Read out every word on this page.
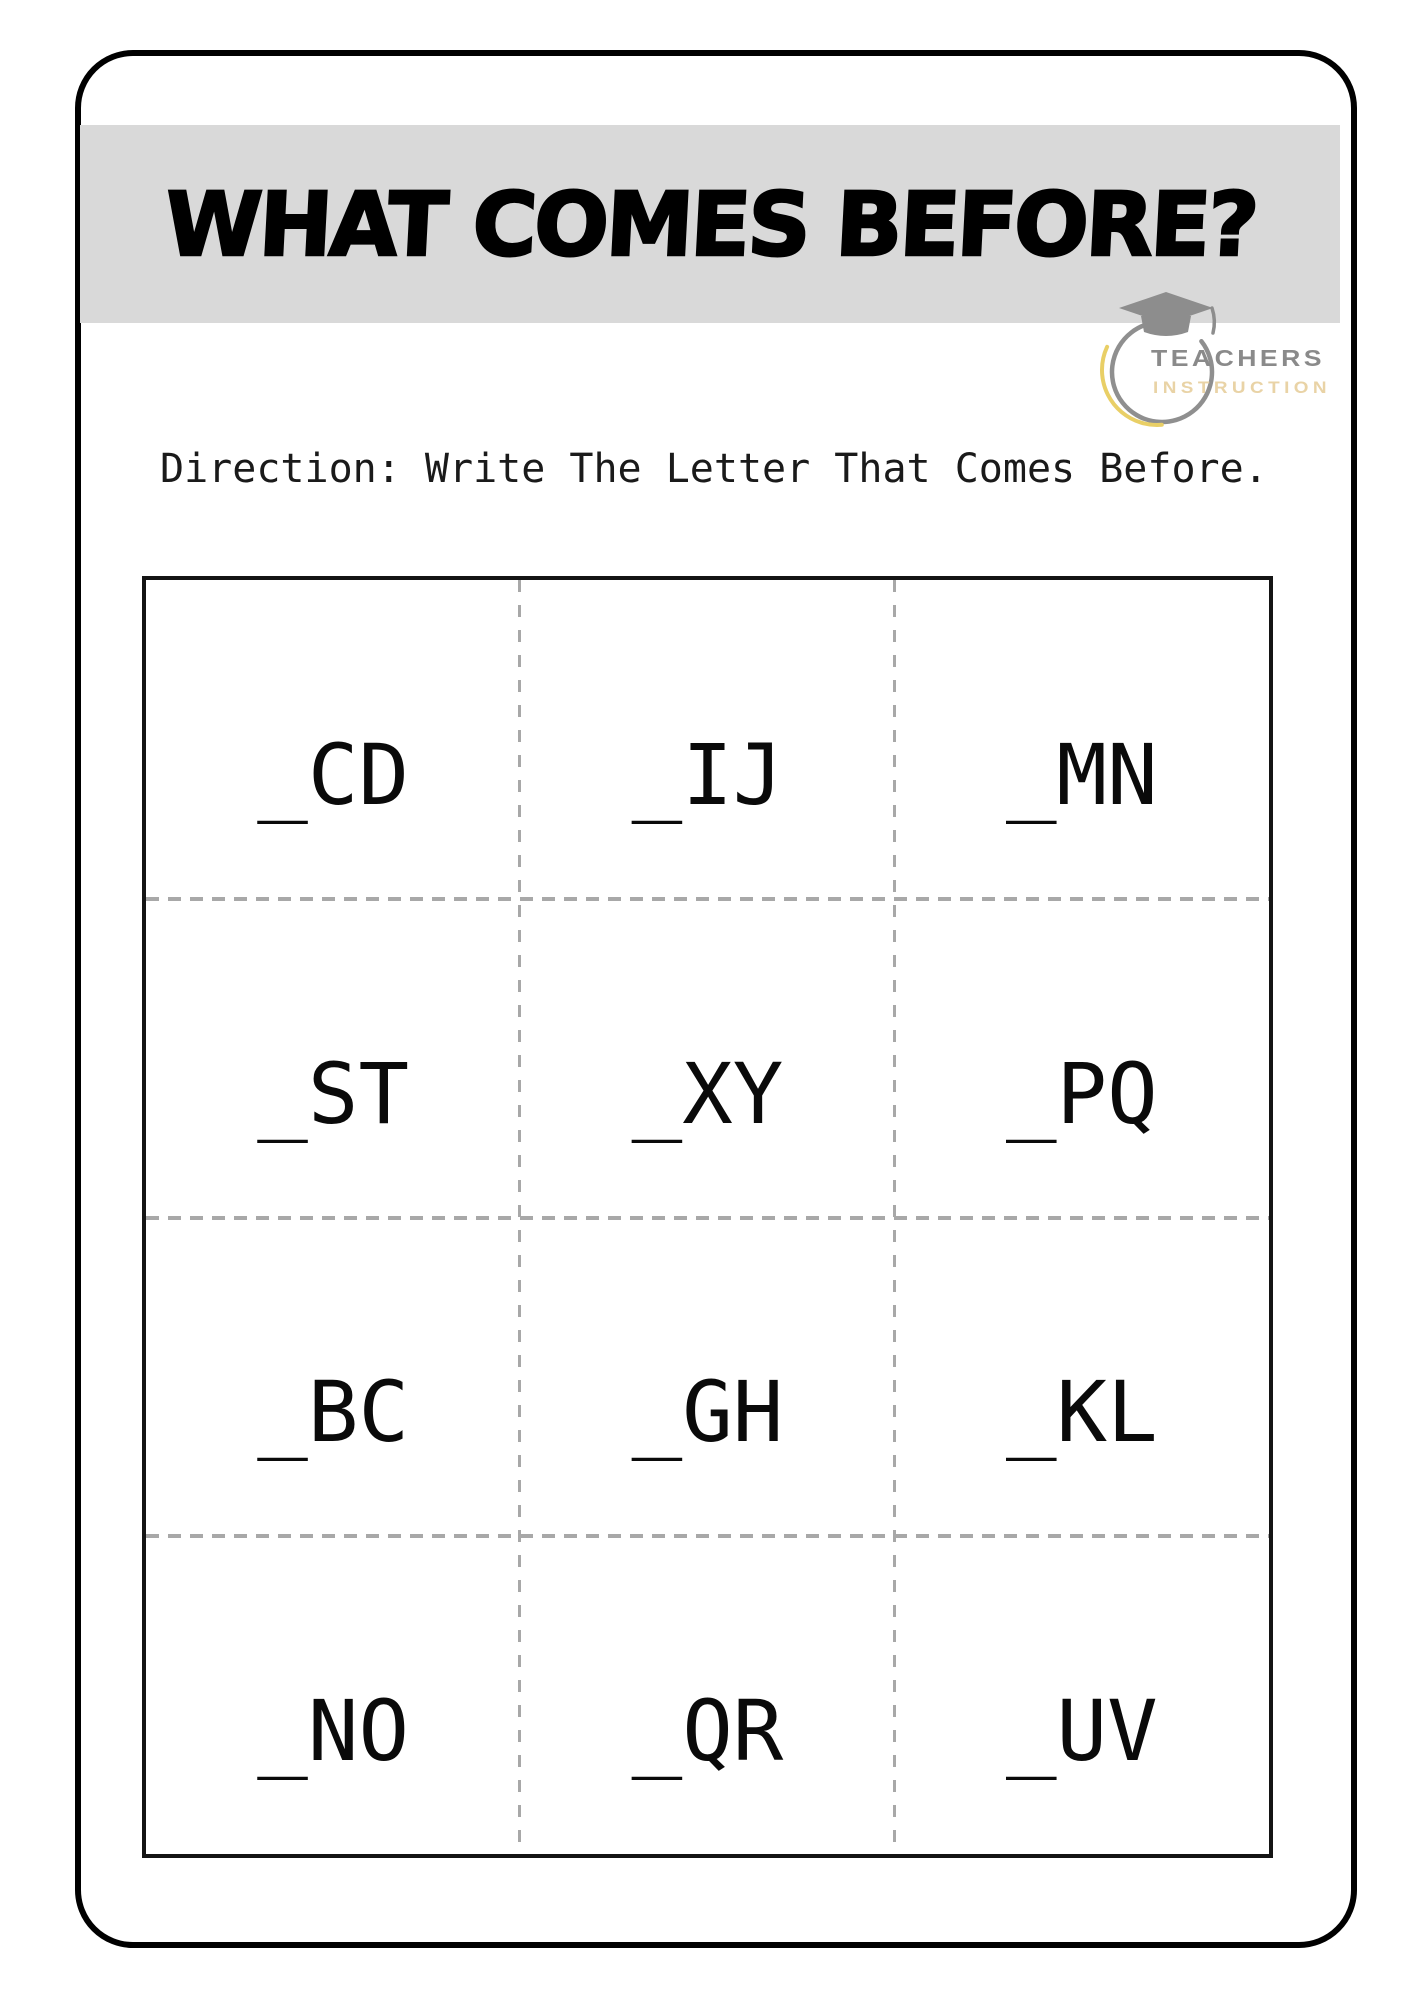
WHAT COMES BEFORE?
TEACHERS
INSTRUCTION
Direction: Write The Letter That Comes Before.
_CD	_IJ	_MN
_ST	_XY	_PQ
_BC	_GH	_KL
_NO	_QR	_UV
